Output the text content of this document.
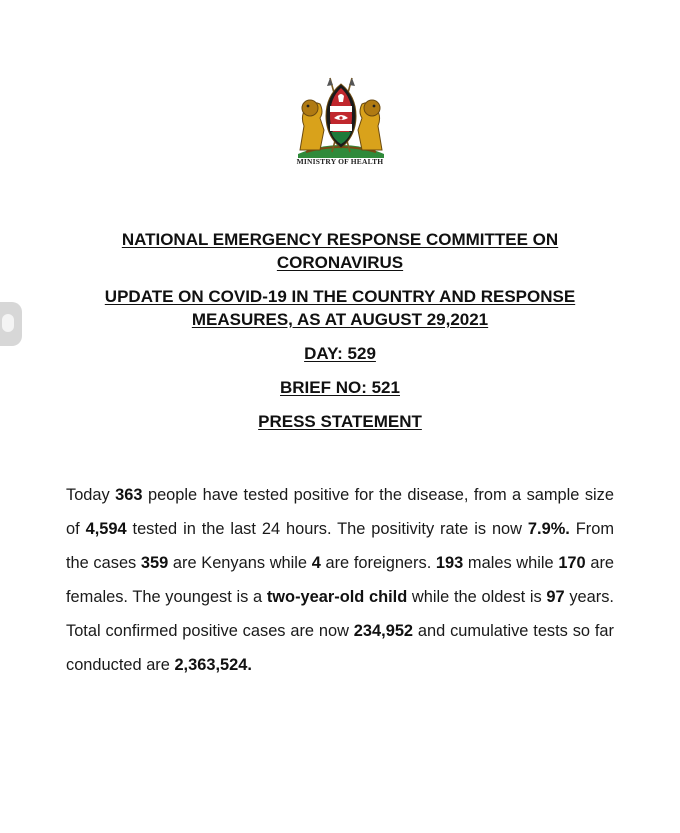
MINISTRY OF HEALTH
NATIONAL EMERGENCY RESPONSE COMMITTEE ON
CORONAVIRUS
UPDATE ON COVID-19 IN THE COUNTRY AND RESPONSE
MEASURES, AS AT AUGUST 29,2021
DAY: 529
BRIEF NO: 521
PRESS STATEMENT
Today 363 people have tested positive for the disease, from a sample size of 4,594 tested in the last 24 hours. The positivity rate is now 7.9%. From the cases 359 are Kenyans while 4 are foreigners. 193 males while 170 are females. The youngest is a two-year-old child while the oldest is 97 years. Total confirmed positive cases are now 234,952 and cumulative tests so far conducted are 2,363,524.
